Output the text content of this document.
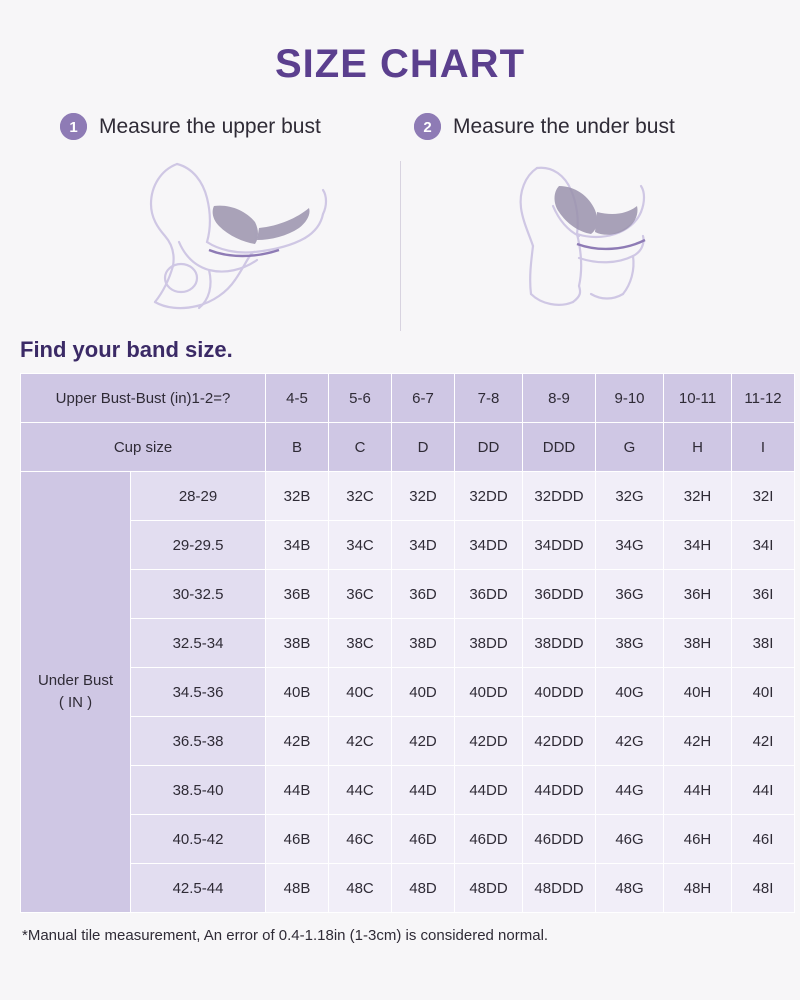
SIZE CHART
1 Measure the upper bust	2 Measure the under bust
Find your band size.
Upper Bust-Bust (in)1-2=?		4-5	5-6	6-7	7-8	8-9	9-10	10-11	11-12
Cup size		B	C	D	DD	DDD	G	H	I

Under Bust
( IN )	28-29	32B	32C	32D	32DD	32DDD	32G	32H	32I
	29-29.5	34B	34C	34D	34DD	34DDD	34G	34H	34I
	30-32.5	36B	36C	36D	36DD	36DDD	36G	36H	36I
	32.5-34	38B	38C	38D	38DD	38DDD	38G	38H	38I
	34.5-36	40B	40C	40D	40DD	40DDD	40G	40H	40I
	36.5-38	42B	42C	42D	42DD	42DDD	42G	42H	42I
	38.5-40	44B	44C	44D	44DD	44DDD	44G	44H	44I
	40.5-42	46B	46C	46D	46DD	46DDD	46G	46H	46I
	42.5-44	48B	48C	48D	48DD	48DDD	48G	48H	48I

*Manual tile measurement, An error of 0.4-1.18in (1-3cm) is considered normal.
